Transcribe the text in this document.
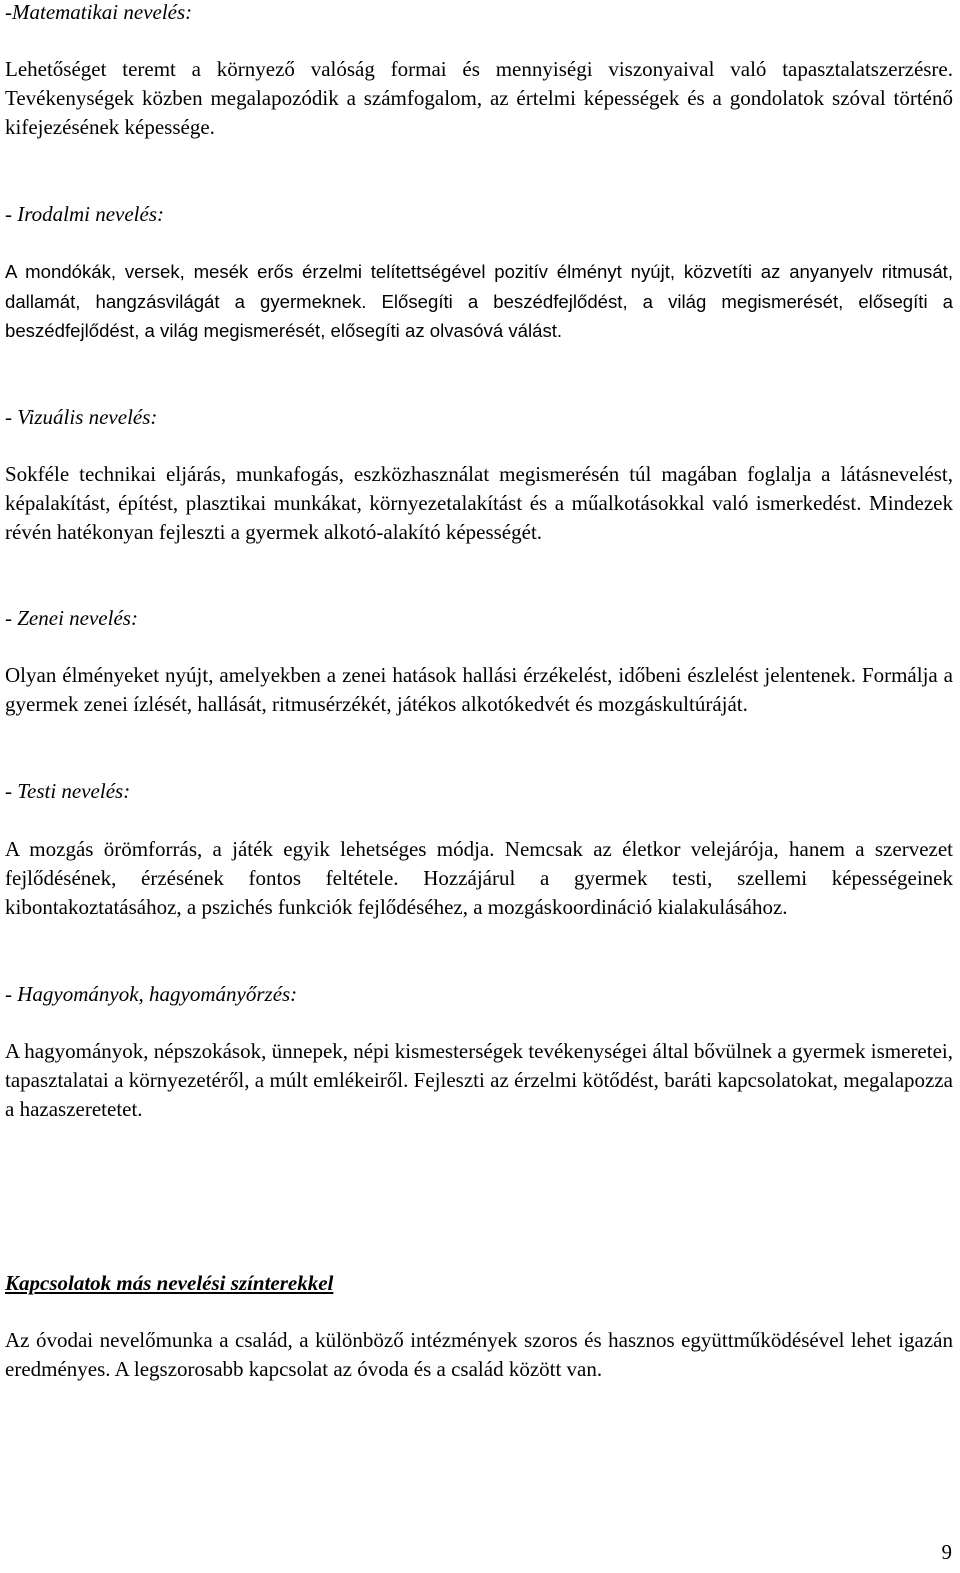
-Matematikai nevelés:
Lehetőséget teremt a környező valóság formai és mennyiségi viszonyaival való tapasztalatszerzésre. Tevékenységek közben megalapozódik a számfogalom, az értelmi képességek és a gondolatok szóval történő kifejezésének képessége.
- Irodalmi nevelés:
A mondókák, versek, mesék erős érzelmi telítettségével pozitív élményt nyújt, közvetíti az anyanyelv ritmusát, dallamát, hangzásvilágát a gyermeknek. Elősegíti a beszédfejlődést, a világ megismerését, elősegíti a beszédfejlődést, a világ megismerését, elősegíti az olvasóvá válást.
- Vizuális nevelés:
Sokféle technikai eljárás, munkafogás, eszközhasználat megismerésén túl magában foglalja a látásnevelést, képalakítást, építést, plasztikai munkákat, környezetalakítást és a műalkotásokkal való ismerkedést. Mindezek révén hatékonyan fejleszti a gyermek alkotó-alakító képességét.
- Zenei nevelés:
Olyan élményeket nyújt, amelyekben a zenei hatások hallási érzékelést, időbeni észlelést jelentenek. Formálja a gyermek zenei ízlését, hallását, ritmusérzékét, játékos alkotókedvét és mozgáskultúráját.
- Testi nevelés:
A mozgás örömforrás, a játék egyik lehetséges módja. Nemcsak az életkor velejárója, hanem a szervezet fejlődésének, érzésének fontos feltétele. Hozzájárul a gyermek testi, szellemi képességeinek kibontakoztatásához, a pszichés funkciók fejlődéséhez, a mozgáskoordináció kialakulásához.
- Hagyományok, hagyományőrzés:
A hagyományok, népszokások, ünnepek, népi kismesterségek tevékenységei által bővülnek a gyermek ismeretei, tapasztalatai a környezetéről, a múlt emlékeiről. Fejleszti az érzelmi kötődést, baráti kapcsolatokat, megalapozza a hazaszeretetet.
Kapcsolatok más nevelési színterekkel
Az óvodai nevelőmunka a család, a különböző intézmények szoros és hasznos együttműködésével lehet igazán eredményes. A legszorosabb kapcsolat az óvoda és a család között van.
9
